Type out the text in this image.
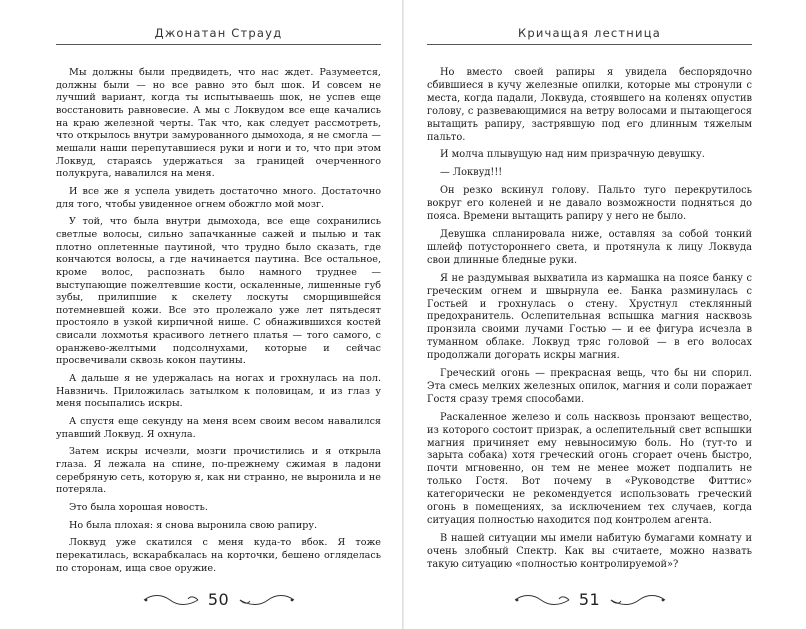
Джонатан Страуд

Мы должны были предвидеть, что нас ждет. Разумеется, должны были — но все равно это был шок. И совсем не лучший вариант, когда ты испытываешь шок, не успев еще восстановить равновесие. А мы с Локвудом все еще качались на краю железной черты. Так что, как следует рассмотреть, что открылось внутри замурованного дымохода, я не смогла — мешали наши перепутавшиеся руки и ноги и то, что при этом Локвуд, стараясь удержаться за границей очерченного полукруга, навалился на меня.

И все же я успела увидеть достаточно много. Достаточно для того, чтобы увиденное огнем обожгло мой мозг.

У той, что была внутри дымохода, все еще сохранились светлые волосы, сильно запачканные сажей и пылью и так плотно оплетенные паутиной, что трудно было сказать, где кончаются волосы, а где начинается паутина. Все остальное, кроме волос, распознать было намного труднее — выступающие пожелтевшие кости, оскаленные, лишенные губ зубы, прилипшие к скелету лоскуты сморщившейся потемневшей кожи. Все это пролежало уже лет пятьдесят простояло в узкой кирпичной нише. С обнажившихся костей свисали лохмотья красивого летнего платья — того самого, с оранжево-желтыми подсолнухами, которые и сейчас просвечивали сквозь кокон паутины.

А дальше я не удержалась на ногах и грохнулась на пол. Навзничь. Приложилась затылком к половицам, и из глаз у меня посыпались искры.

А спустя еще секунду на меня всем своим весом навалился упавший Локвуд. Я охнула.

Затем искры исчезли, мозги прочистились и я открыла глаза. Я лежала на спине, по-прежнему сжимая в ладони серебряную сеть, которую я, как ни странно, не выронила и не потеряла.

Это была хорошая новость.

Но была плохая: я снова выронила свою рапиру.

Локвуд уже скатился с меня куда-то вбок. Я тоже перекатилась, вскарабкалась на корточки, бешено огляделась по сторонам, ища свое оружие.

50
Кричащая лестница

Но вместо своей рапиры я увидела беспорядочно сбившиеся в кучу железные опилки, которые мы стронули с места, когда падали, Локвуда, стоявшего на коленях опустив голову, с развевающимися на ветру волосами и пытающегося вытащить рапиру, застрявшую под его длинным тяжелым пальто.

И молча плывущую над ним призрачную девушку.

— Локвуд!!!

Он резко вскинул голову. Пальто туго перекрутилось вокруг его коленей и не давало возможности подняться до пояса. Времени вытащить рапиру у него не было.

Девушка спланировала ниже, оставляя за собой тонкий шлейф потустороннего света, и протянула к лицу Локвуда свои длинные бледные руки.

Я не раздумывая выхватила из кармашка на поясе банку с греческим огнем и швырнула ее. Банка разминулась с Гостьей и грохнулась о стену. Хрустнул стеклянный предохранитель. Ослепительная вспышка магния насквозь пронзила своими лучами Гостью — и ее фигура исчезла в туманном облаке. Локвуд тряс головой — в его волосах продолжали догорать искры магния.

Греческий огонь — прекрасная вещь, что бы ни спорил. Эта смесь мелких железных опилок, магния и соли поражает Гостя сразу тремя способами.

Раскаленное железо и соль насквозь пронзают вещество, из которого состоит призрак, а ослепительный свет вспышки магния причиняет ему невыносимую боль. Но (тут-то и зарыта собака) хотя греческий огонь сгорает очень быстро, почти мгновенно, он тем не менее может подпалить не только Гостя. Вот почему в «Руководстве Фиттис» категорически не рекомендуется использовать греческий огонь в помещениях, за исключением тех случаев, когда ситуация полностью находится под контролем агента.

В нашей ситуации мы имели набитую бумагами комнату и очень злобный Спектр. Как вы считаете, можно назвать такую ситуацию «полностью контролируемой»?

51
